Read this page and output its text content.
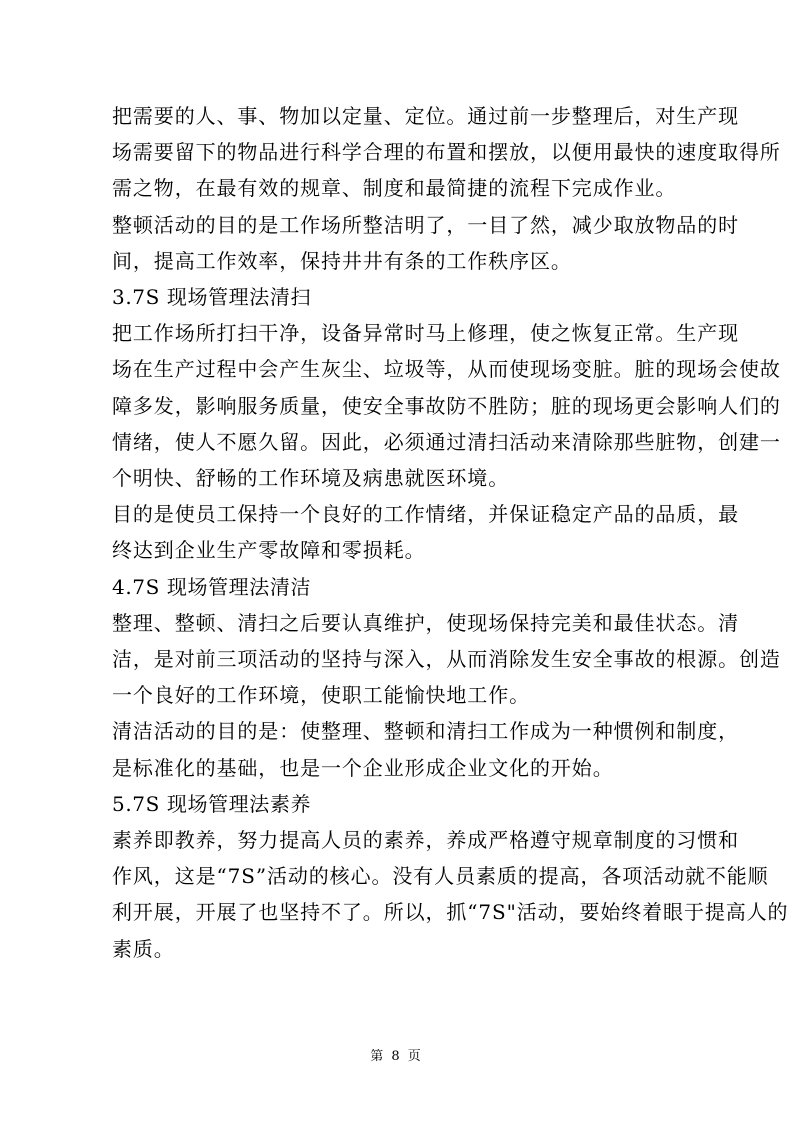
把需要的人、事、物加以定量、定位。通过前一步整理后，对生产现
场需要留下的物品进行科学合理的布置和摆放，以便用最快的速度取得所
需之物，在最有效的规章、制度和最简捷的流程下完成作业。

整顿活动的目的是工作场所整洁明了，一目了然，减少取放物品的时
间，提高工作效率，保持井井有条的工作秩序区。

3.7S 现场管理法清扫

把工作场所打扫干净，设备异常时马上修理，使之恢复正常。生产现
场在生产过程中会产生灰尘、垃圾等，从而使现场变脏。脏的现场会使故
障多发，影响服务质量，使安全事故防不胜防；脏的现场更会影响人们的
情绪，使人不愿久留。因此，必须通过清扫活动来清除那些脏物，创建一
个明快、舒畅的工作环境及病患就医环境。

目的是使员工保持一个良好的工作情绪，并保证稳定产品的品质，最
终达到企业生产零故障和零损耗。

4.7S 现场管理法清洁

整理、整顿、清扫之后要认真维护，使现场保持完美和最佳状态。清
洁，是对前三项活动的坚持与深入，从而消除发生安全事故的根源。创造
一个良好的工作环境，使职工能愉快地工作。

清洁活动的目的是：使整理、整顿和清扫工作成为一种惯例和制度，
是标准化的基础，也是一个企业形成企业文化的开始。

5.7S 现场管理法素养

素养即教养，努力提高人员的素养，养成严格遵守规章制度的习惯和
作风，这是“7S”活动的核心。没有人员素质的提高，各项活动就不能顺
利开展，开展了也坚持不了。所以，抓“7S"活动，要始终着眼于提高人的
素质。

第 8 页
